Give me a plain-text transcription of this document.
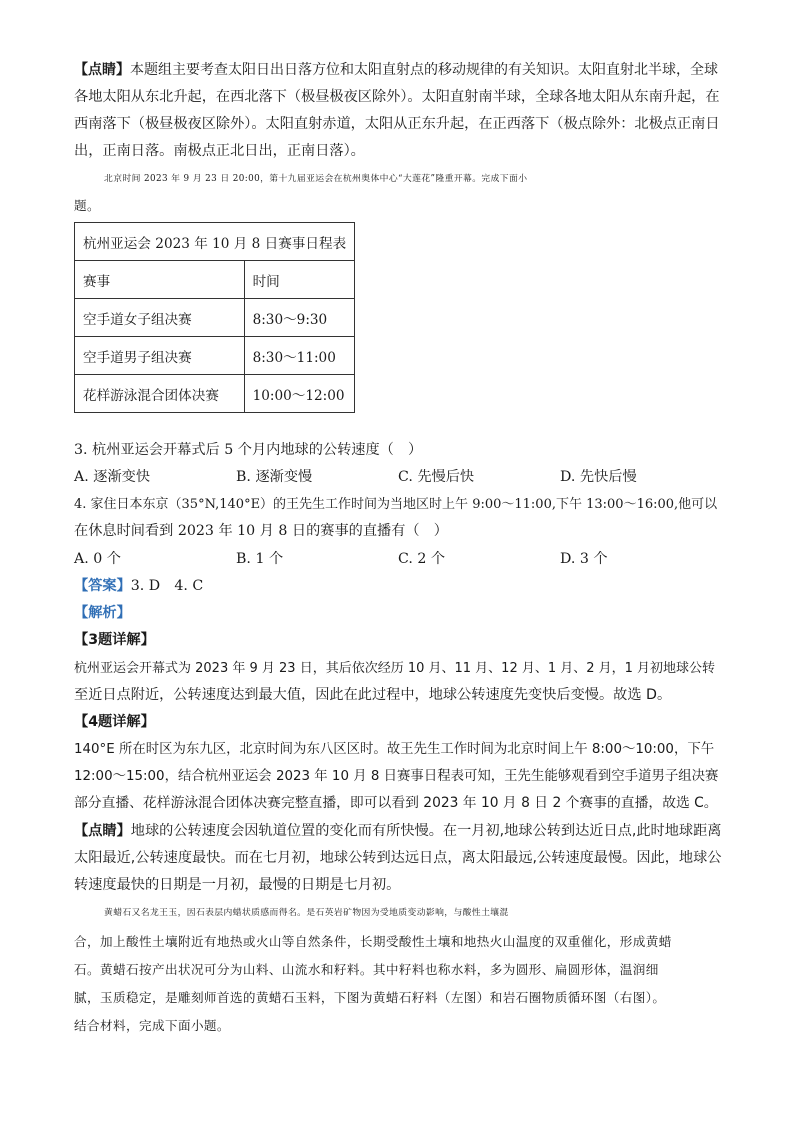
【点睛】本题组主要考查太阳日出日落方位和太阳直射点的移动规律的有关知识。太阳直射北半球，全球
各地太阳从东北升起，在西北落下（极昼极夜区除外）。太阳直射南半球，全球各地太阳从东南升起，在
西南落下（极昼极夜区除外）。太阳直射赤道，太阳从正东升起，在正西落下（极点除外：北极点正南日
出，正南日落。南极点正北日出，正南日落）。
北京时间 2023 年 9 月 23 日 20:00，第十九届亚运会在杭州奥体中心“大莲花”隆重开幕。完成下面小
题。
杭州亚运会 2023 年 10 月 8 日赛事日程表	
赛事	时间
空手道女子组决赛	8:30～9:30
空手道男子组决赛	8:30～11:00
花样游泳混合团体决赛	10:00～12:00
3. 杭州亚运会开幕式后 5 个月内地球的公转速度（　）
A. 逐渐变快	B. 逐渐变慢	C. 先慢后快	D. 先快后慢
4. 家住日本东京（35°N,140°E）的王先生工作时间为当地区时上午 9:00～11:00,下午 13:00～16:00,他可以
在休息时间看到 2023 年 10 月 8 日的赛事的直播有（　）
A. 0 个	B. 1 个	C. 2 个	D. 3 个
【答案】3. D　4. C
【解析】
【3题详解】
杭州亚运会开幕式为 2023 年 9 月 23 日，其后依次经历 10 月、11 月、12 月、1 月、2 月，1 月初地球公转
至近日点附近，公转速度达到最大值，因此在此过程中，地球公转速度先变快后变慢。故选 D。
【4题详解】
140°E 所在时区为东九区，北京时间为东八区区时。故王先生工作时间为北京时间上午 8:00～10:00，下午
12:00～15:00，结合杭州亚运会 2023 年 10 月 8 日赛事日程表可知，王先生能够观看到空手道男子组决赛
部分直播、花样游泳混合团体决赛完整直播，即可以看到 2023 年 10 月 8 日 2 个赛事的直播，故选 C。
【点睛】地球的公转速度会因轨道位置的变化而有所快慢。在一月初,地球公转到达近日点,此时地球距离
太阳最近,公转速度最快。而在七月初，地球公转到达远日点，离太阳最远,公转速度最慢。因此，地球公
转速度最快的日期是一月初，最慢的日期是七月初。
黄蜡石又名龙王玉，因石表层内蜡状质感而得名。是石英岩矿物因为受地质变动影响，与酸性土壤混
合，加上酸性土壤附近有地热或火山等自然条件，长期受酸性土壤和地热火山温度的双重催化，形成黄蜡
石。黄蜡石按产出状况可分为山料、山流水和籽料。其中籽料也称水料，多为圆形、扁圆形体，温润细
腻，玉质稳定，是雕刻师首选的黄蜡石玉料，下图为黄蜡石籽料（左图）和岩石圈物质循环图（右图）。
结合材料，完成下面小题。
